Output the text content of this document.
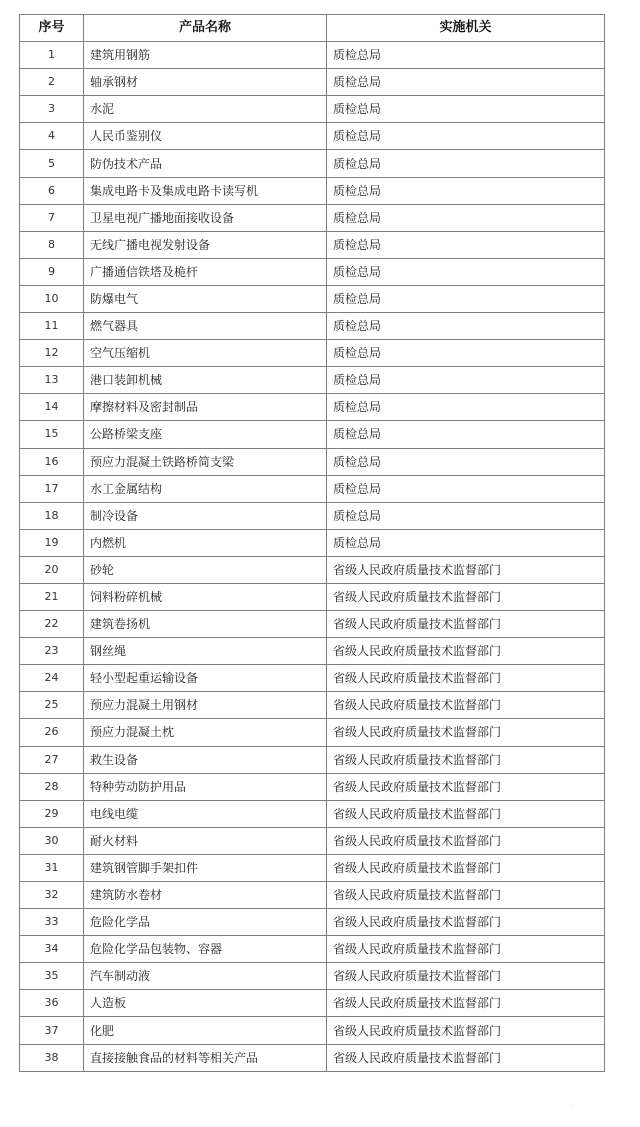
序号	产品名称	实施机关
1	建筑用钢筋	质检总局
2	轴承钢材	质检总局
3	水泥	质检总局
4	人民币鉴别仪	质检总局
5	防伪技术产品	质检总局
6	集成电路卡及集成电路卡读写机	质检总局
7	卫星电视广播地面接收设备	质检总局
8	无线广播电视发射设备	质检总局
9	广播通信铁塔及桅杆	质检总局
10	防爆电气	质检总局
11	燃气器具	质检总局
12	空气压缩机	质检总局
13	港口装卸机械	质检总局
14	摩擦材料及密封制品	质检总局
15	公路桥梁支座	质检总局
16	预应力混凝土铁路桥简支梁	质检总局
17	水工金属结构	质检总局
18	制冷设备	质检总局
19	内燃机	质检总局
20	砂轮	省级人民政府质量技术监督部门
21	饲料粉碎机械	省级人民政府质量技术监督部门
22	建筑卷扬机	省级人民政府质量技术监督部门
23	钢丝绳	省级人民政府质量技术监督部门
24	轻小型起重运输设备	省级人民政府质量技术监督部门
25	预应力混凝土用钢材	省级人民政府质量技术监督部门
26	预应力混凝土枕	省级人民政府质量技术监督部门
27	救生设备	省级人民政府质量技术监督部门
28	特种劳动防护用品	省级人民政府质量技术监督部门
29	电线电缆	省级人民政府质量技术监督部门
30	耐火材料	省级人民政府质量技术监督部门
31	建筑钢管脚手架扣件	省级人民政府质量技术监督部门
32	建筑防水卷材	省级人民政府质量技术监督部门
33	危险化学品	省级人民政府质量技术监督部门
34	危险化学品包装物、容器	省级人民政府质量技术监督部门
35	汽车制动液	省级人民政府质量技术监督部门
36	人造板	省级人民政府质量技术监督部门
37	化肥	省级人民政府质量技术监督部门
38	直接接触食品的材料等相关产品	省级人民政府质量技术监督部门
·
